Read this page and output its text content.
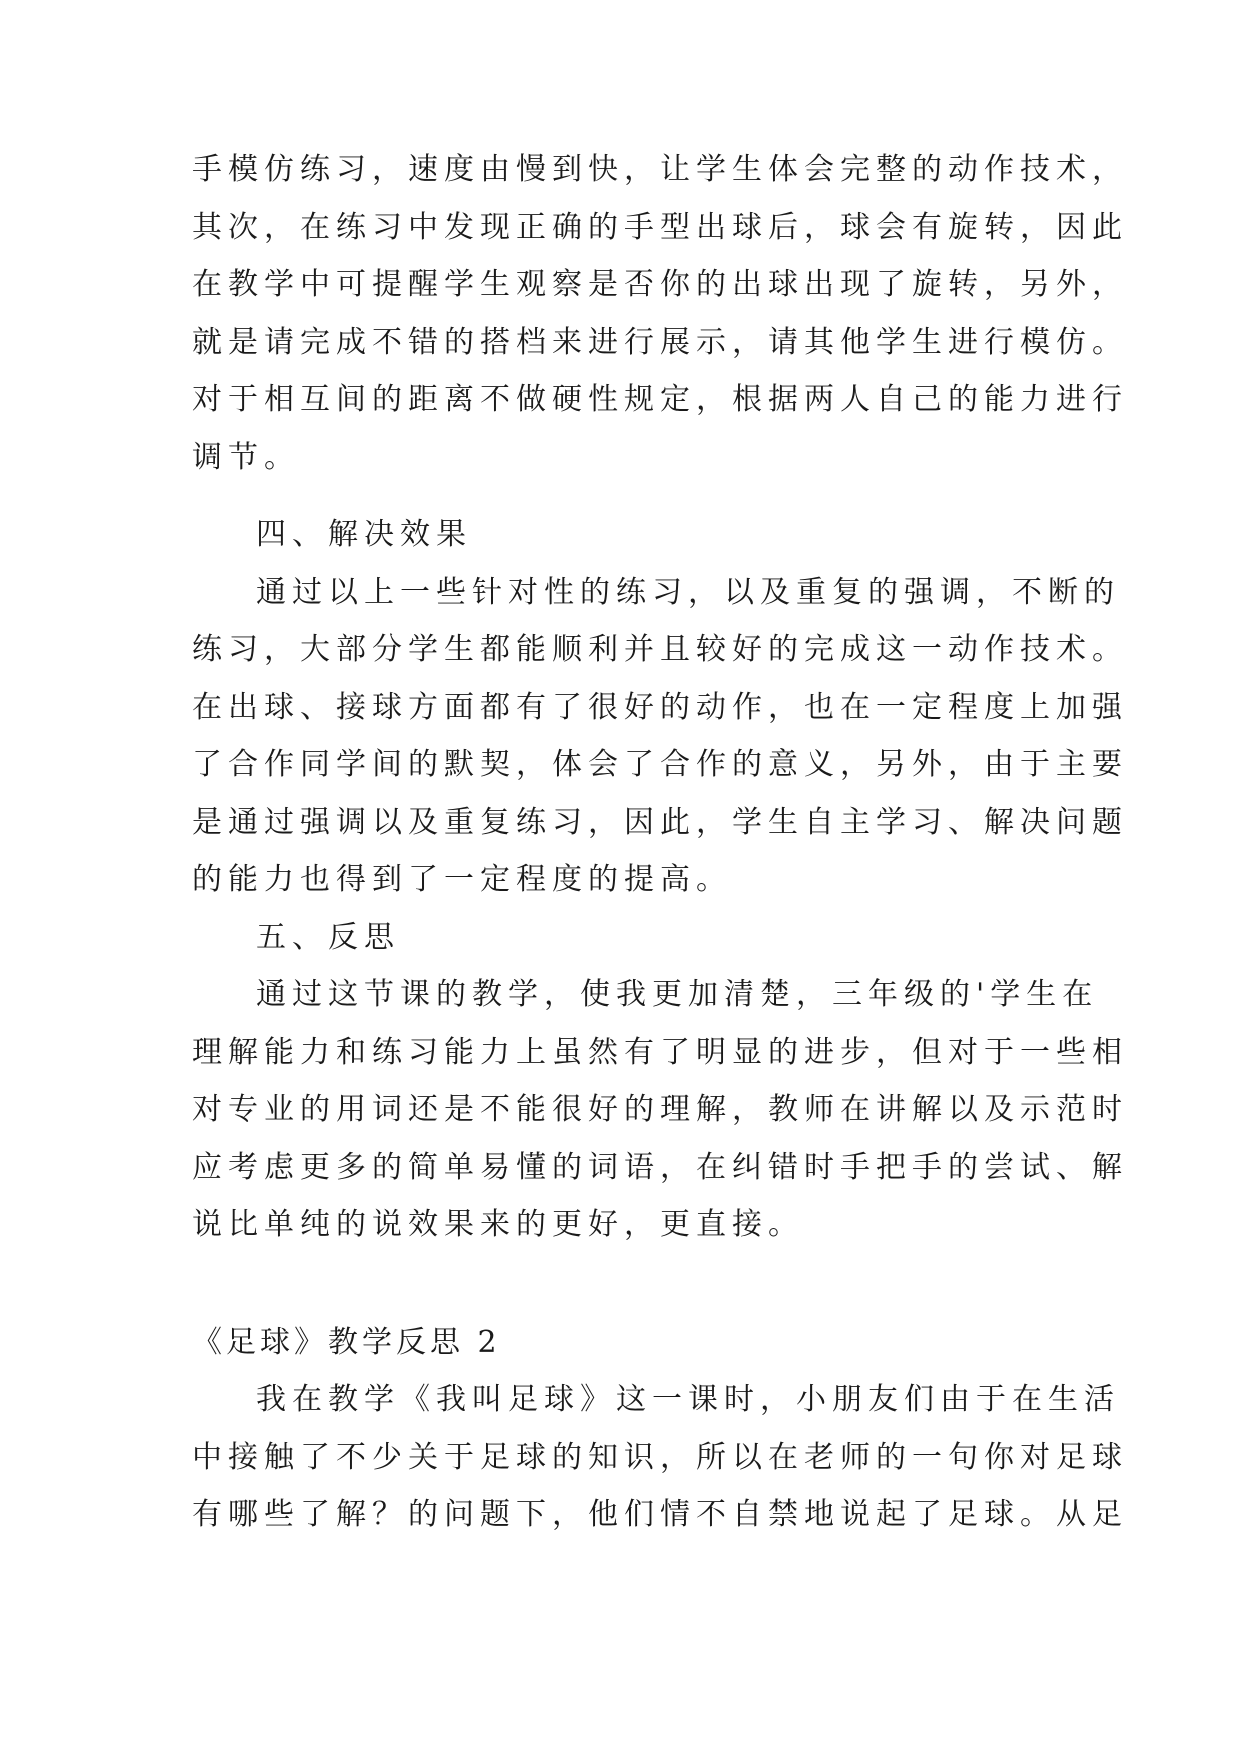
手模仿练习，速度由慢到快，让学生体会完整的动作技术，
其次，在练习中发现正确的手型出球后，球会有旋转，因此
在教学中可提醒学生观察是否你的出球出现了旋转，另外，
就是请完成不错的搭档来进行展示，请其他学生进行模仿。
对于相互间的距离不做硬性规定，根据两人自己的能力进行
调节。
四、解决效果
通过以上一些针对性的练习，以及重复的强调，不断的
练习，大部分学生都能顺利并且较好的完成这一动作技术。
在出球、接球方面都有了很好的动作，也在一定程度上加强
了合作同学间的默契，体会了合作的意义，另外，由于主要
是通过强调以及重复练习，因此，学生自主学习、解决问题
的能力也得到了一定程度的提高。
五、反思
通过这节课的教学，使我更加清楚，三年级的'学生在
理解能力和练习能力上虽然有了明显的进步，但对于一些相
对专业的用词还是不能很好的理解，教师在讲解以及示范时
应考虑更多的简单易懂的词语，在纠错时手把手的尝试、解
说比单纯的说效果来的更好，更直接。
《足球》教学反思 2
我在教学《我叫足球》这一课时，小朋友们由于在生活
中接触了不少关于足球的知识，所以在老师的一句你对足球
有哪些了解？的问题下，他们情不自禁地说起了足球。从足
